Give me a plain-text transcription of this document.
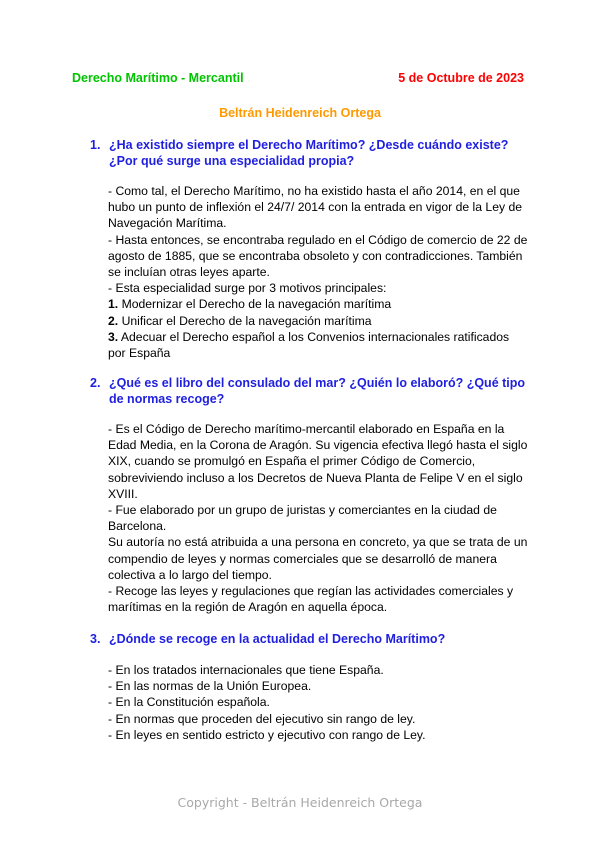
Derecho Marítimo - Mercantil	5 de Octubre de 2023
Beltrán Heidenreich Ortega
1. ¿Ha existido siempre el Derecho Marítimo? ¿Desde cuándo existe? ¿Por qué surge una especialidad propia?

- Como tal, el Derecho Marítimo, no ha existido hasta el año 2014, en el que hubo un punto de inflexión el 24/7/ 2014 con la entrada en vigor de la Ley de Navegación Marítima.

- Hasta entonces, se encontraba regulado en el Código de comercio de 22 de agosto de 1885, que se encontraba obsoleto y con contradicciones. También se incluían otras leyes aparte.

- Esta especialidad surge por 3 motivos principales:

1. Modernizar el Derecho de la navegación marítima

2. Unificar el Derecho de la navegación marítima

3. Adecuar el Derecho español a los Convenios internacionales ratificados por España

2. ¿Qué es el libro del consulado del mar? ¿Quién lo elaboró? ¿Qué tipo de normas recoge?

- Es el Código de Derecho marítimo-mercantil elaborado en España en la Edad Media, en la Corona de Aragón. Su vigencia efectiva llegó hasta el siglo XIX, cuando se promulgó en España el primer Código de Comercio, sobreviviendo incluso a los Decretos de Nueva Planta de Felipe V en el siglo XVIII.

- Fue elaborado por un grupo de juristas y comerciantes en la ciudad de Barcelona.

Su autoría no está atribuida a una persona en concreto, ya que se trata de un compendio de leyes y normas comerciales que se desarrolló de manera colectiva a lo largo del tiempo.

- Recoge las leyes y regulaciones que regían las actividades comerciales y marítimas en la región de Aragón en aquella época.

3. ¿Dónde se recoge en la actualidad el Derecho Marítimo?

- En los tratados internacionales que tiene España.

- En las normas de la Unión Europea.

- En la Constitución española.

- En normas que proceden del ejecutivo sin rango de ley.

- En leyes en sentido estricto y ejecutivo con rango de Ley.

Copyright - Beltrán Heidenreich Ortega
